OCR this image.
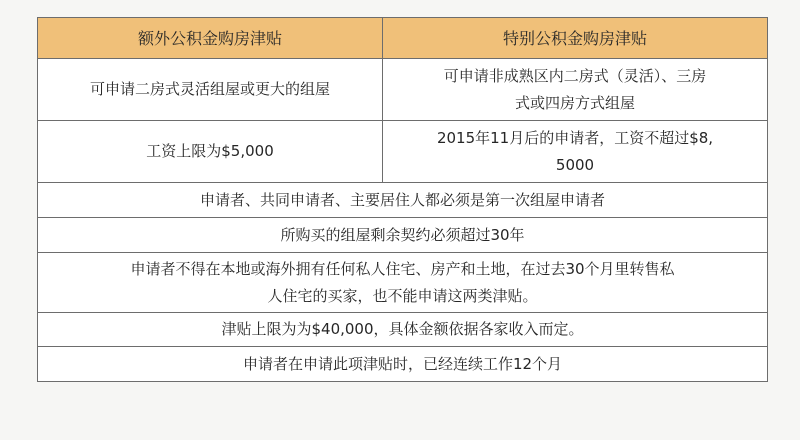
额外公积金购房津贴	特别公积金购房津贴
可申请二房式灵活组屋或更大的组屋	可申请非成熟区内二房式（灵活）、三房
式或四房方式组屋
工资上限为$5,000	2015年11月后的申请者，工资不超过$8,
5000
申请者、共同申请者、主要居住人都必须是第一次组屋申请者	
所购买的组屋剩余契约必须超过30年	
申请者不得在本地或海外拥有任何私人住宅、房产和土地，在过去30个月里转售私
人住宅的买家，也不能申请这两类津贴。	
津贴上限为为$40,000，具体金额依据各家收入而定。	
申请者在申请此项津贴时，已经连续工作12个月	
